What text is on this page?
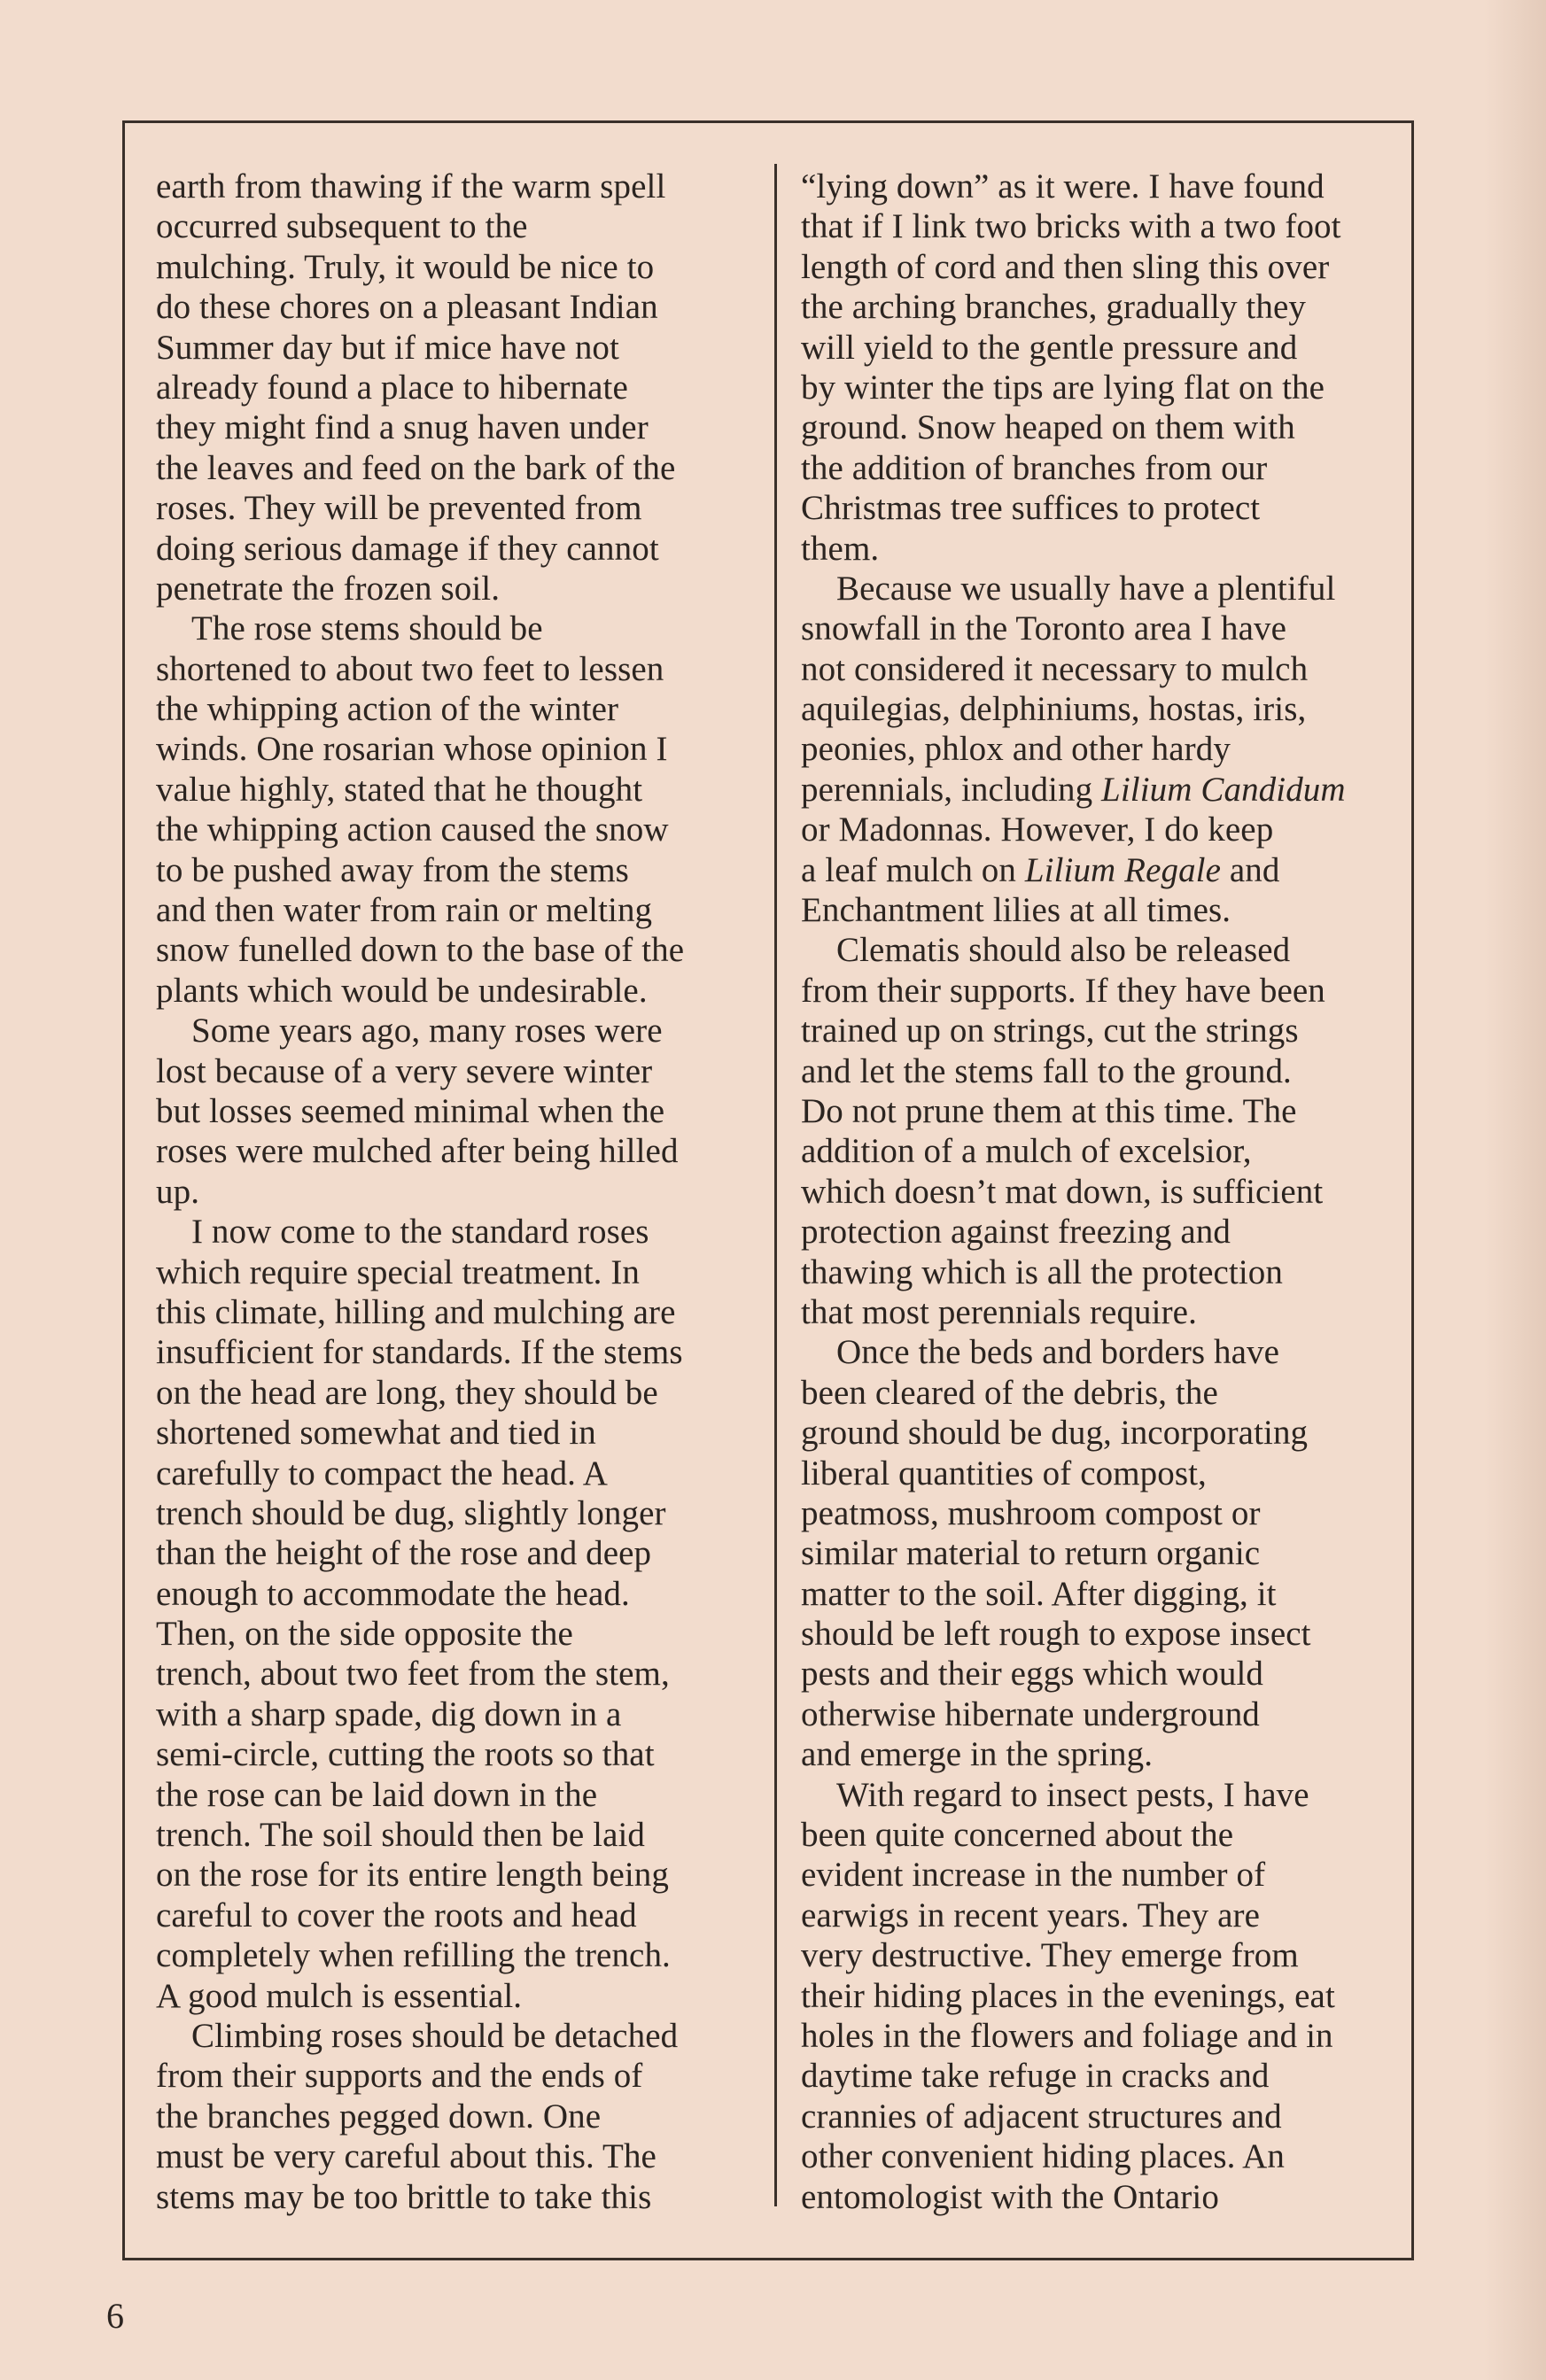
earth from thawing if the warm spell
occurred subsequent to the
mulching. Truly, it would be nice to
do these chores on a pleasant Indian
Summer day but if mice have not
already found a place to hibernate
they might find a snug haven under
the leaves and feed on the bark of the
roses. They will be prevented from
doing serious damage if they cannot
penetrate the frozen soil.
The rose stems should be
shortened to about two feet to lessen
the whipping action of the winter
winds. One rosarian whose opinion I
value highly, stated that he thought
the whipping action caused the snow
to be pushed away from the stems
and then water from rain or melting
snow funelled down to the base of the
plants which would be undesirable.
Some years ago, many roses were
lost because of a very severe winter
but losses seemed minimal when the
roses were mulched after being hilled
up.
I now come to the standard roses
which require special treatment. In
this climate, hilling and mulching are
insufficient for standards. If the stems
on the head are long, they should be
shortened somewhat and tied in
carefully to compact the head. A
trench should be dug, slightly longer
than the height of the rose and deep
enough to accommodate the head.
Then, on the side opposite the
trench, about two feet from the stem,
with a sharp spade, dig down in a
semi-circle, cutting the roots so that
the rose can be laid down in the
trench. The soil should then be laid
on the rose for its entire length being
careful to cover the roots and head
completely when refilling the trench.
A good mulch is essential.
Climbing roses should be detached
from their supports and the ends of
the branches pegged down. One
must be very careful about this. The
stems may be too brittle to take this
“lying down” as it were. I have found
that if I link two bricks with a two foot
length of cord and then sling this over
the arching branches, gradually they
will yield to the gentle pressure and
by winter the tips are lying flat on the
ground. Snow heaped on them with
the addition of branches from our
Christmas tree suffices to protect
them.
Because we usually have a plentiful
snowfall in the Toronto area I have
not considered it necessary to mulch
aquilegias, delphiniums, hostas, iris,
peonies, phlox and other hardy
perennials, including Lilium Candidum
or Madonnas. However, I do keep
a leaf mulch on Lilium Regale and
Enchantment lilies at all times.
Clematis should also be released
from their supports. If they have been
trained up on strings, cut the strings
and let the stems fall to the ground.
Do not prune them at this time. The
addition of a mulch of excelsior,
which doesn’t mat down, is sufficient
protection against freezing and
thawing which is all the protection
that most perennials require.
Once the beds and borders have
been cleared of the debris, the
ground should be dug, incorporating
liberal quantities of compost,
peatmoss, mushroom compost or
similar material to return organic
matter to the soil. After digging, it
should be left rough to expose insect
pests and their eggs which would
otherwise hibernate underground
and emerge in the spring.
With regard to insect pests, I have
been quite concerned about the
evident increase in the number of
earwigs in recent years. They are
very destructive. They emerge from
their hiding places in the evenings, eat
holes in the flowers and foliage and in
daytime take refuge in cracks and
crannies of adjacent structures and
other convenient hiding places. An
entomologist with the Ontario
6
